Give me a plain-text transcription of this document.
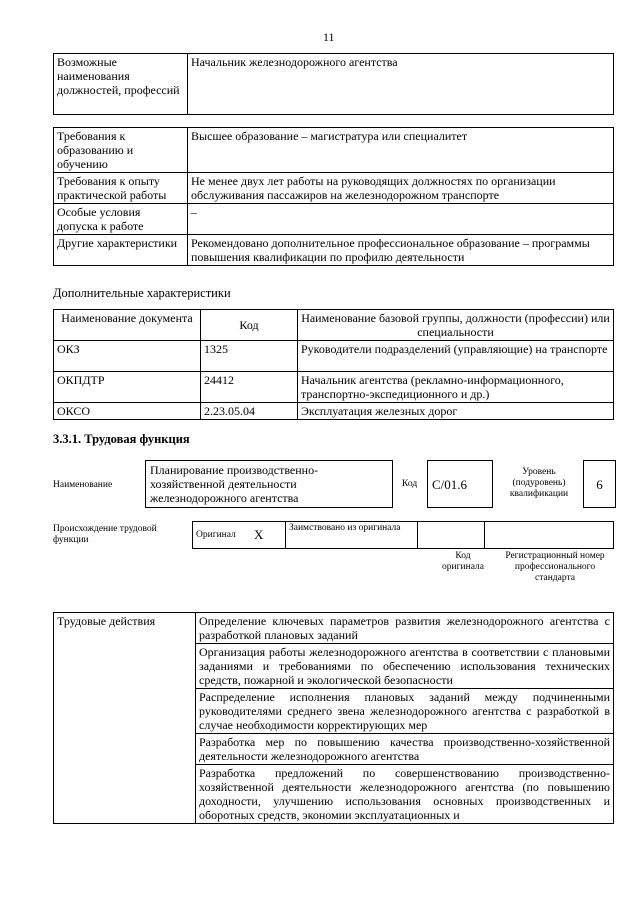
11
Возможные наименования должностей, профессий	Начальник железнодорожного агентства
Требования к образованию и обучению	Высшее образование – магистратура или специалитет
Требования к опыту практической работы	Не менее двух лет работы на руководящих должностях по организации обслуживания пассажиров на железнодорожном транспорте
Особые условия допуска к работе	–
Другие характеристики	Рекомендовано дополнительное профессиональное образование – программы повышения квалификации по профилю деятельности
Дополнительные характеристики
Наименование документа	Код	Наименование базовой группы, должности (профессии) или специальности
ОКЗ	1325	Руководители подразделений (управляющие) на транспорте
ОКПДТР	24412	Начальник агентства (рекламно-информационного, транспортно-экспедиционного и др.)
ОКСО	2.23.05.04	Эксплуатация железных дорог
3.3.1. Трудовая функция
Наименование
Планирование производственно-хозяйственной деятельности железнодорожного агентства
Код	C/01.6
Уровень (подуровень) квалификации
6
Происхождение трудовой функции
Оригинал	X	Заимствовано из оригинала		
Код оригинала
Регистрационный номер профессионального стандарта
Трудовые действия	Определение ключевых параметров развития железнодорожного агентства с разработкой плановых заданий
Организация работы железнодорожного агентства в соответствии с плановыми заданиями и требованиями по обеспечению использования технических средств, пожарной и экологической безопасности
Распределение исполнения плановых заданий между подчиненными руководителями среднего звена железнодорожного агентства с разработкой в случае необходимости корректирующих мер
Разработка мер по повышению качества производственно-хозяйственной деятельности железнодорожного агентства
Разработка предложений по совершенствованию производственно-хозяйственной деятельности железнодорожного агентства (по повышению доходности, улучшению использования основных производственных и оборотных средств, экономии эксплуатационных и
